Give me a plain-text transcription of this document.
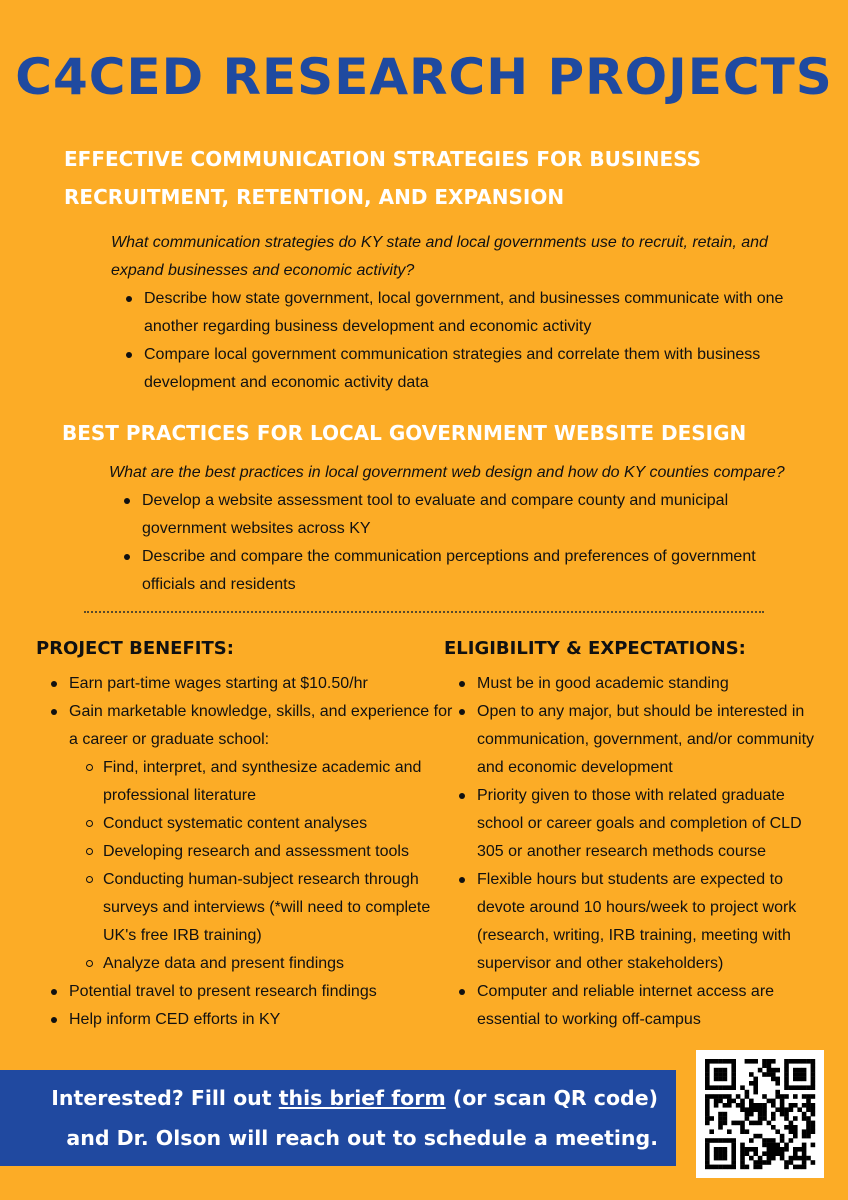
C4CED RESEARCH PROJECTS
EFFECTIVE COMMUNICATION STRATEGIES FOR BUSINESS
RECRUITMENT, RETENTION, AND EXPANSION

What communication strategies do KY state and local governments use to recruit, retain, and expand businesses and economic activity?

Describe how state government, local government, and businesses communicate with one another regarding business development and economic activity
Compare local government communication strategies and correlate them with business development and economic activity data
BEST PRACTICES FOR LOCAL GOVERNMENT WEBSITE DESIGN

What are the best practices in local government web design and how do KY counties compare?

Develop a website assessment tool to evaluate and compare county and municipal government websites across KY
Describe and compare the communication perceptions and preferences of government officials and residents
PROJECT BENEFITS:
Earn part-time wages starting at $10.50/hr
Gain marketable knowledge, skills, and experience for a career or graduate school:
Find, interpret, and synthesize academic and professional literature
Conduct systematic content analyses
Developing research and assessment tools
Conducting human-subject research through surveys and interviews (*will need to complete UK's free IRB training)
Analyze data and present findings
Potential travel to present research findings
Help inform CED efforts in KY
ELIGIBILITY & EXPECTATIONS:
Must be in good academic standing
Open to any major, but should be interested in communication, government, and/or community and economic development
Priority given to those with related graduate school or career goals and completion of CLD 305 or another research methods course
Flexible hours but students are expected to devote around 10 hours/week to project work (research, writing, IRB training, meeting with supervisor and other stakeholders)
Computer and reliable internet access are essential to working off-campus
Interested? Fill out this brief form (or scan QR code)
and Dr. Olson will reach out to schedule a meeting.
